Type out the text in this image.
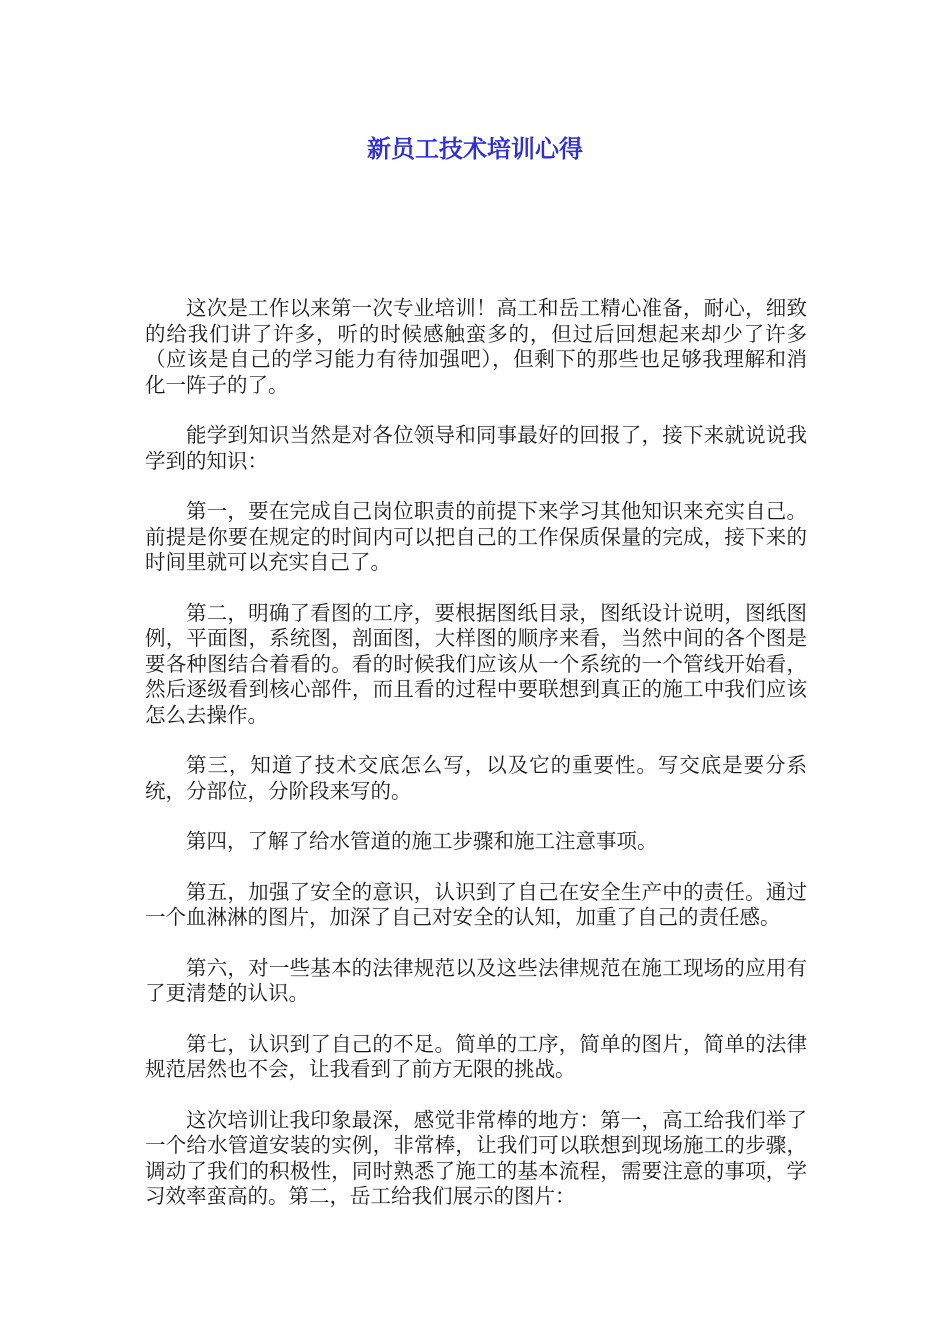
新员工技术培训心得

这次是工作以来第一次专业培训！高工和岳工精心准备，耐心，细致的给我们讲了许多，听的时候感触蛮多的，但过后回想起来却少了许多（应该是自己的学习能力有待加强吧），但剩下的那些也足够我理解和消化一阵子的了。

能学到知识当然是对各位领导和同事最好的回报了，接下来就说说我学到的知识：

第一，要在完成自己岗位职责的前提下来学习其他知识来充实自己。前提是你要在规定的时间内可以把自己的工作保质保量的完成，接下来的时间里就可以充实自己了。

第二，明确了看图的工序，要根据图纸目录，图纸设计说明，图纸图例，平面图，系统图，剖面图，大样图的顺序来看，当然中间的各个图是要各种图结合着看的。看的时候我们应该从一个系统的一个管线开始看，然后逐级看到核心部件，而且看的过程中要联想到真正的施工中我们应该怎么去操作。

第三，知道了技术交底怎么写，以及它的重要性。写交底是要分系统，分部位，分阶段来写的。

第四，了解了给水管道的施工步骤和施工注意事项。

第五，加强了安全的意识，认识到了自己在安全生产中的责任。通过一个血淋淋的图片，加深了自己对安全的认知，加重了自己的责任感。

第六，对一些基本的法律规范以及这些法律规范在施工现场的应用有了更清楚的认识。

第七，认识到了自己的不足。简单的工序，简单的图片，简单的法律规范居然也不会，让我看到了前方无限的挑战。

这次培训让我印象最深，感觉非常棒的地方：第一，高工给我们举了一个给水管道安装的实例，非常棒，让我们可以联想到现场施工的步骤，调动了我们的积极性，同时熟悉了施工的基本流程，需要注意的事项，学习效率蛮高的。第二，岳工给我们展示的图片：
